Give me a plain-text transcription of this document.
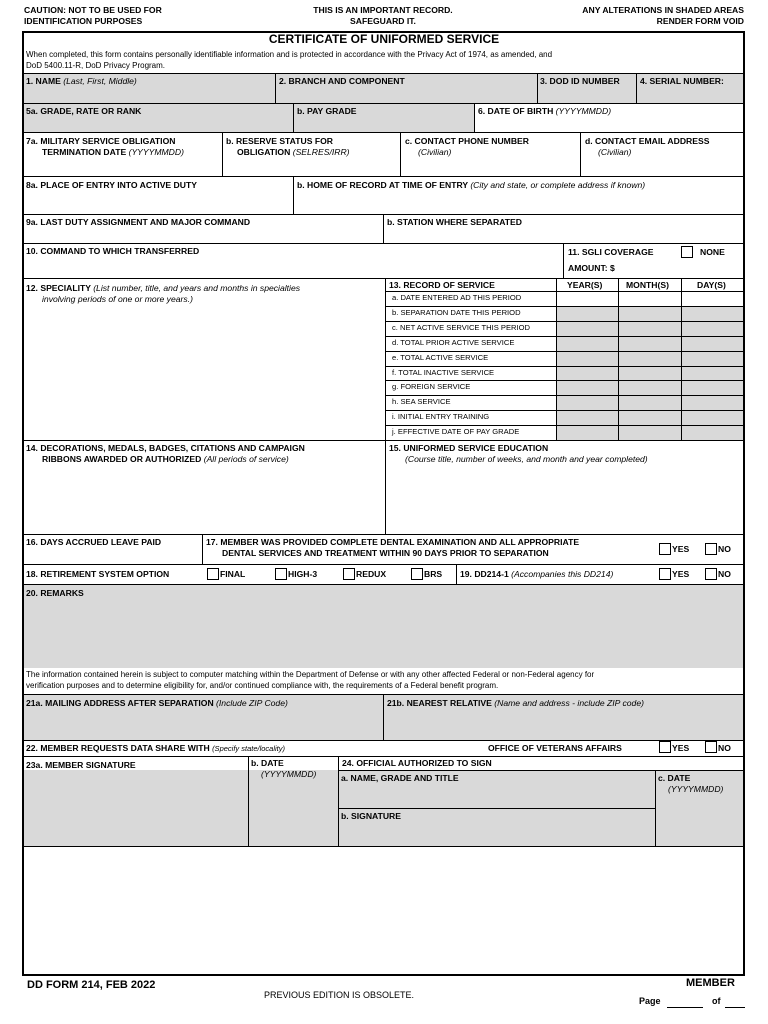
CAUTION: NOT TO BE USED FOR
IDENTIFICATION PURPOSES
THIS IS AN IMPORTANT RECORD.
SAFEGUARD IT.
ANY ALTERATIONS IN SHADED AREAS
RENDER FORM VOID
CERTIFICATE OF UNIFORMED SERVICE
When completed, this form contains personally identifiable information and is protected in accordance with the Privacy Act of 1974, as amended, and
DoD 5400.11-R, DoD Privacy Program.
1. NAME (Last, First, Middle)	2. BRANCH AND COMPONENT	3. DOD ID NUMBER 4. SERIAL NUMBER:
5a. GRADE, RATE OR RANK	b. PAY GRADE	6. DATE OF BIRTH (YYYYMMDD)
7a. MILITARY SERVICE OBLIGATION
TERMINATION DATE (YYYYMMDD)
b. RESERVE STATUS FOR
OBLIGATION (SELRES/IRR)
c. CONTACT PHONE NUMBER
(Civilian)
d. CONTACT EMAIL ADDRESS
(Civilian)
8a. PLACE OF ENTRY INTO ACTIVE DUTY	b. HOME OF RECORD AT TIME OF ENTRY (City and state, or complete address if known)
9a. LAST DUTY ASSIGNMENT AND MAJOR COMMAND	b. STATION WHERE SEPARATED
10. COMMAND TO WHICH TRANSFERRED	11. SGLI COVERAGE	NONE
AMOUNT: $
12. SPECIALITY (List number, title, and years and months in specialties
involving periods of one or more years.)
13. RECORD OF SERVICE	YEAR(S)	MONTH(S)	DAY(S)
a. DATE ENTERED AD THIS PERIOD
b. SEPARATION DATE THIS PERIOD
c. NET ACTIVE SERVICE THIS PERIOD
d. TOTAL PRIOR ACTIVE SERVICE
e. TOTAL ACTIVE SERVICE
f. TOTAL INACTIVE SERVICE
g. FOREIGN SERVICE
h. SEA SERVICE
i. INITIAL ENTRY TRAINING
j. EFFECTIVE DATE OF PAY GRADE
14. DECORATIONS, MEDALS, BADGES, CITATIONS AND CAMPAIGN
RIBBONS AWARDED OR AUTHORIZED (All periods of service)
15. UNIFORMED SERVICE EDUCATION
(Course title, number of weeks, and month and year completed)
16. DAYS ACCRUED LEAVE PAID	17. MEMBER WAS PROVIDED COMPLETE DENTAL EXAMINATION AND ALL APPROPRIATE
DENTAL SERVICES AND TREATMENT WITHIN 90 DAYS PRIOR TO SEPARATION	YES	NO
18. RETIREMENT SYSTEM OPTION	FINAL	HIGH-3	REDUX	BRS 19. DD214-1 (Accompanies this DD214)	YES	NO
20. REMARKS
The information contained herein is subject to computer matching within the Department of Defense or with any other affected Federal or non-Federal agency for
verification purposes and to determine eligibility for, and/or continued compliance with, the requirements of a Federal benefit program.
21a. MAILING ADDRESS AFTER SEPARATION (Include ZIP Code)	21b. NEAREST RELATIVE (Name and address - include ZIP code)
22. MEMBER REQUESTS DATA SHARE WITH (Specify state/locality)	OFFICE OF VETERANS AFFAIRS	YES	NO
23a. MEMBER SIGNATURE	b. DATE
(YYYYMMDD)
24. OFFICIAL AUTHORIZED TO SIGN
a. NAME, GRADE AND TITLE
b. SIGNATURE
c. DATE
(YYYYMMDD)
DD FORM 214, FEB 2022
PREVIOUS EDITION IS OBSOLETE.
MEMBER
Page	of
